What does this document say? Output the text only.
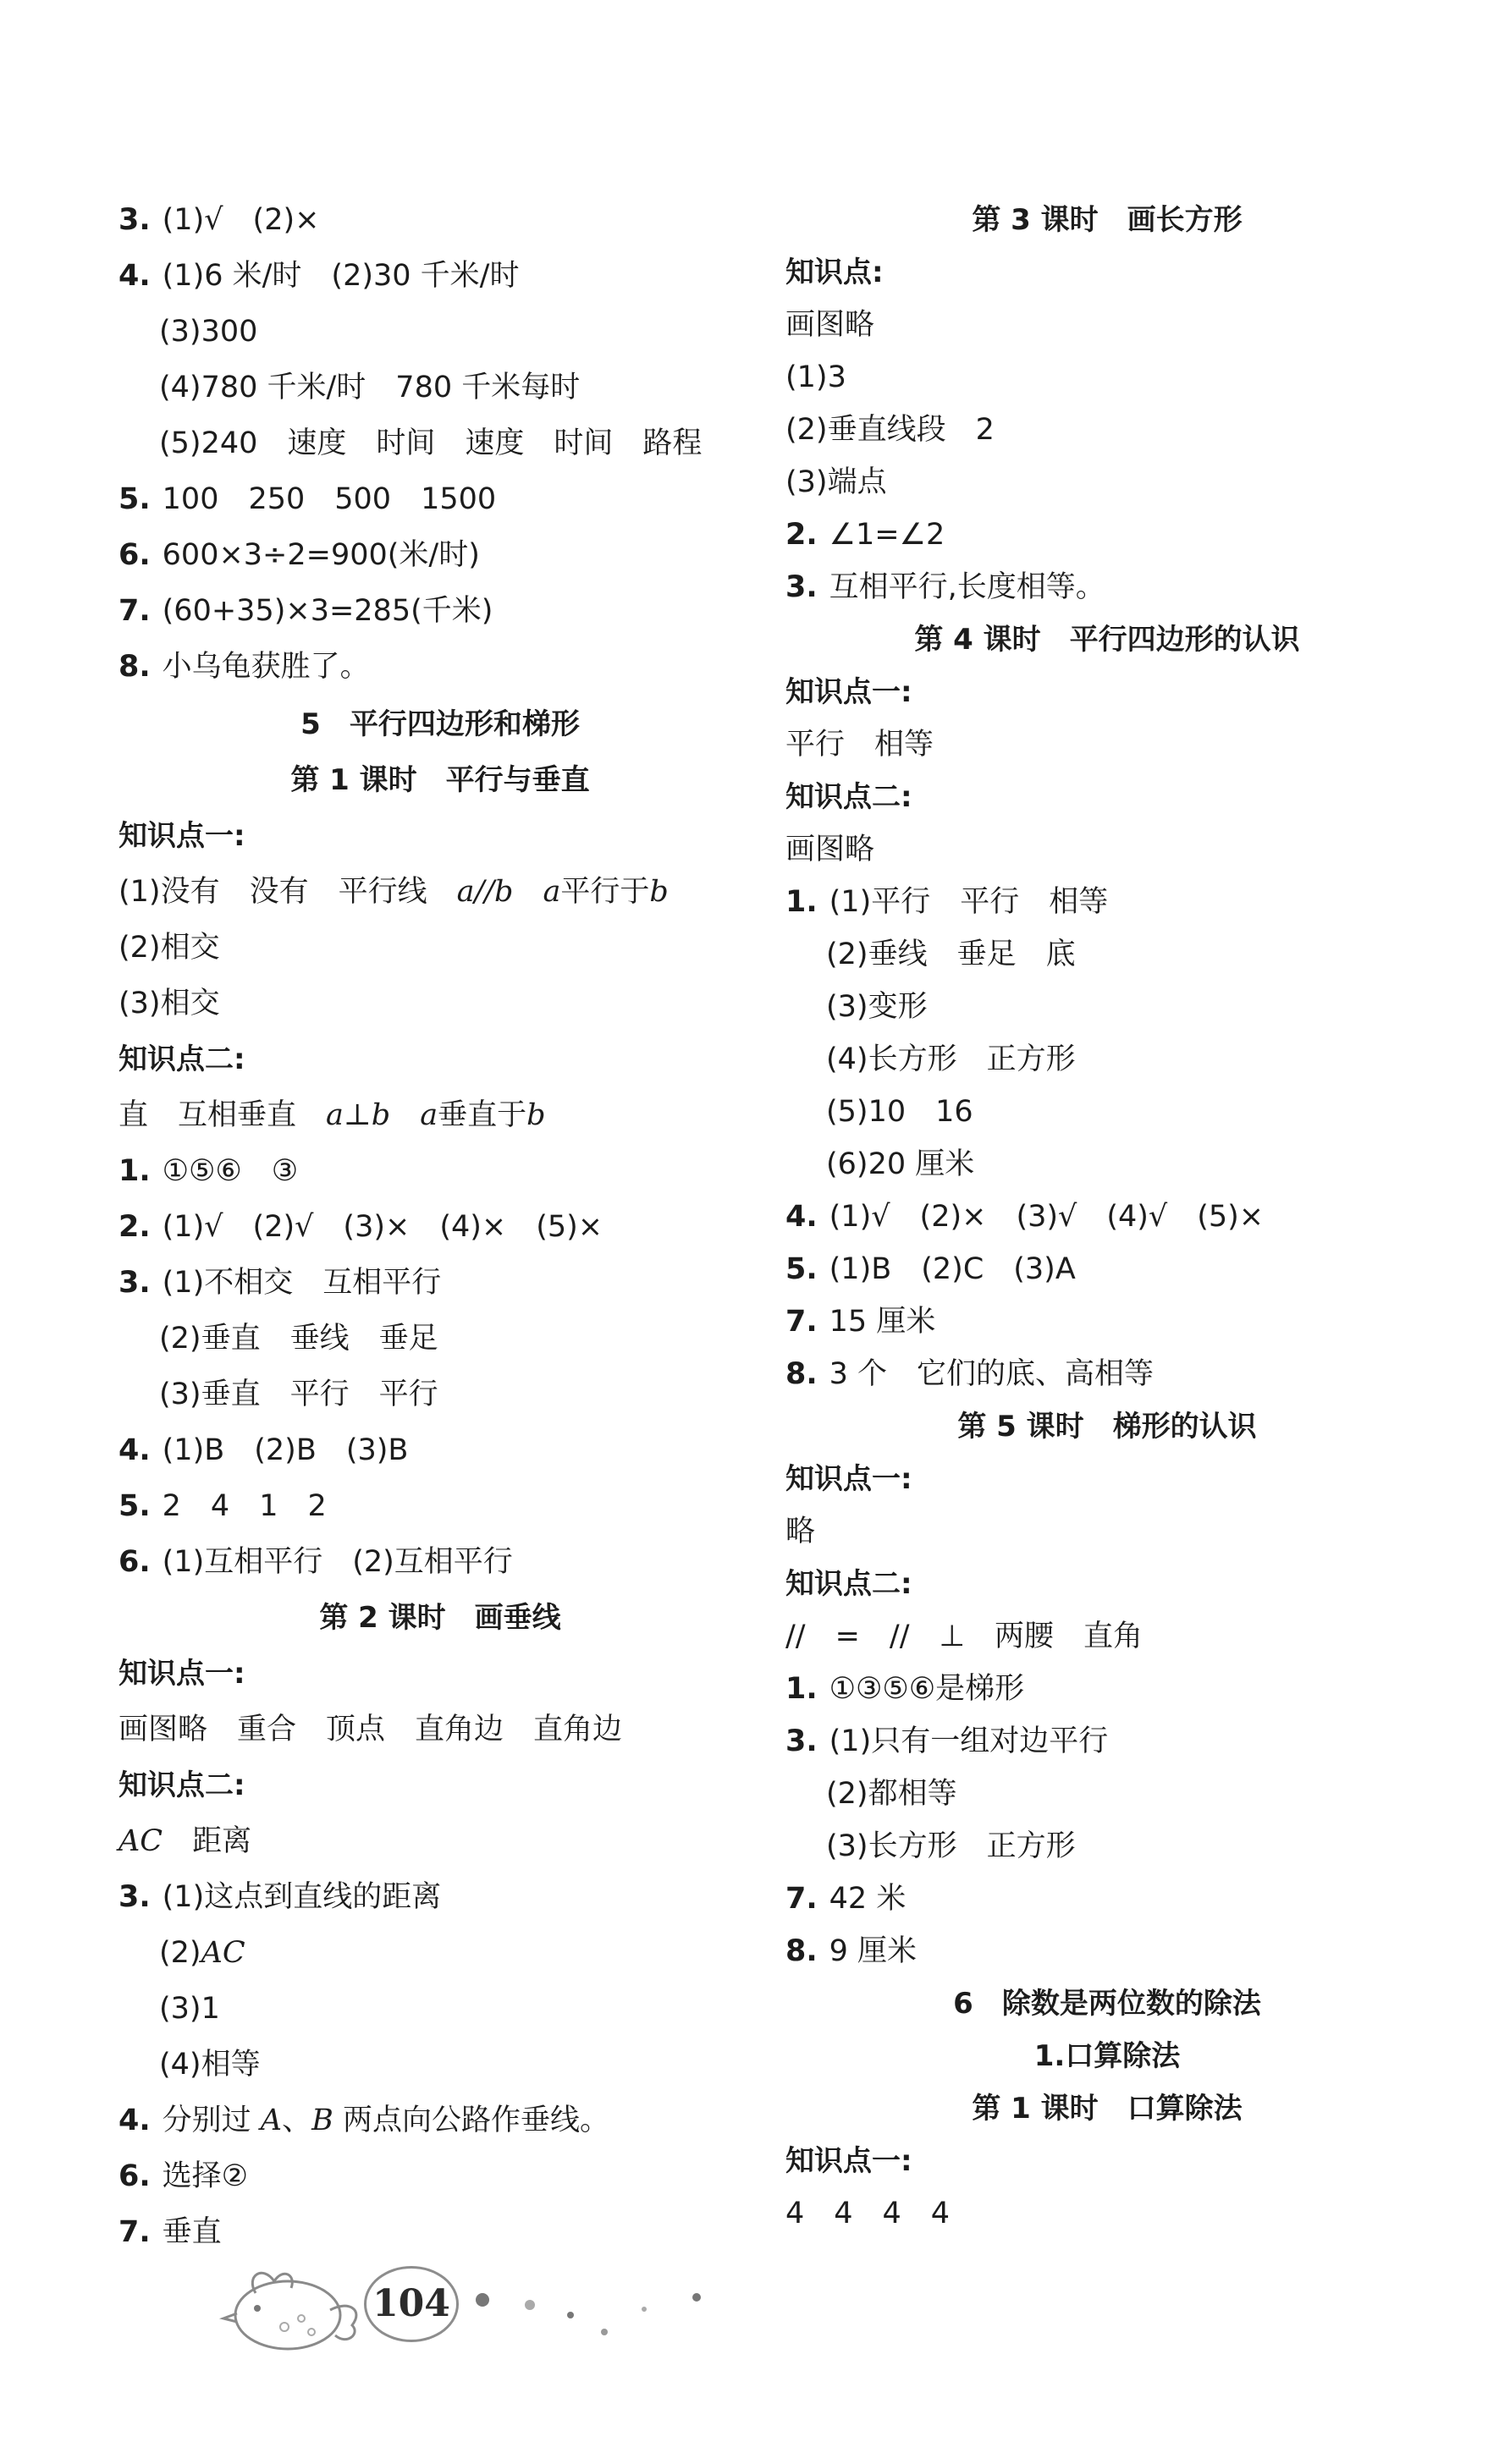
3. (1)√　(2)×
4. (1)6 米/时　(2)30 千米/时
(3)300
(4)780 千米/时　780 千米每时
(5)240　速度　时间　速度　时间　路程
5. 100　250　500　1500
6. 600×3÷2=900(米/时)
7. (60+35)×3=285(千米)
8. 小乌龟获胜了。
5　平行四边形和梯形
第 1 课时　平行与垂直
知识点一:
(1)没有　没有　平行线　a//b　 a平行于b
(2)相交
(3)相交
知识点二:
直　互相垂直　a⊥b　 a垂直于b
1. ①⑤⑥　③
2. (1)√　(2)√　(3)×　(4)×　(5)×
3. (1)不相交　互相平行
(2)垂直　垂线　垂足
(3)垂直　平行　平行
4. (1)B　(2)B　(3)B
5. 2　4　1　2
6. (1)互相平行　(2)互相平行
第 2 课时　画垂线
知识点一:
画图略　重合　顶点　直角边　直角边
知识点二:
AC　距离
3. (1)这点到直线的距离
(2)AC
(3)1
(4)相等
4. 分别过 A、B 两点向公路作垂线。
6. 选择②
7. 垂直
第 3 课时　画长方形
知识点:
画图略
(1)3
(2)垂直线段　2
(3)端点
2. ∠1=∠2
3. 互相平行,长度相等。
第 4 课时　平行四边形的认识
知识点一:
平行　相等
知识点二:
画图略
1. (1)平行　平行　相等
(2)垂线　垂足　底
(3)变形
(4)长方形　正方形
(5)10　16
(6)20 厘米
4. (1)√　(2)×　(3)√　(4)√　(5)×
5. (1)B　(2)C　(3)A
7. 15 厘米
8. 3 个　它们的底、高相等
第 5 课时　梯形的认识
知识点一:
略
知识点二:
//　=　//　⊥　两腰　直角
1. ①③⑤⑥是梯形
3. (1)只有一组对边平行
(2)都相等
(3)长方形　正方形
7. 42 米
8. 9 厘米
6　除数是两位数的除法
1.口算除法
第 1 课时　口算除法
知识点一:
4　4　4　4
104
